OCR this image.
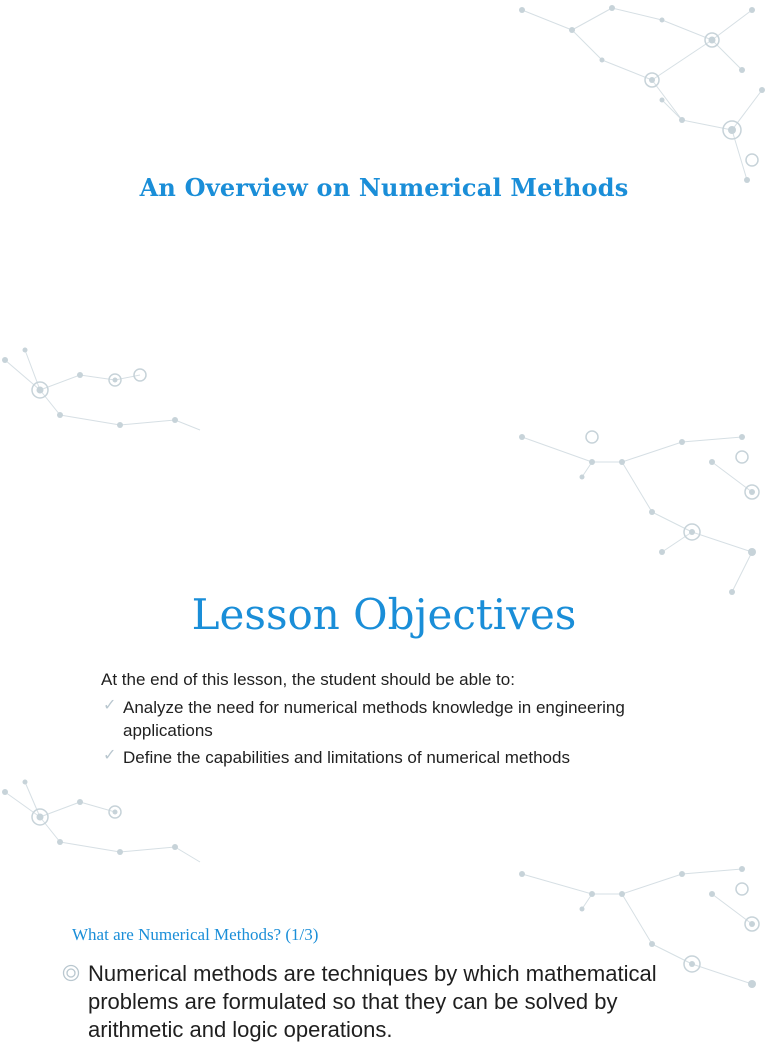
An Overview on Numerical Methods
Lesson Objectives
At the end of this lesson, the student should be able to:
✓ Analyze the need for numerical methods knowledge in engineering applications
✓ Define the capabilities and limitations of numerical methods
What are Numerical Methods? (1/3)
Numerical methods are techniques by which mathematical problems are formulated so that they can be solved by arithmetic and logic operations.
